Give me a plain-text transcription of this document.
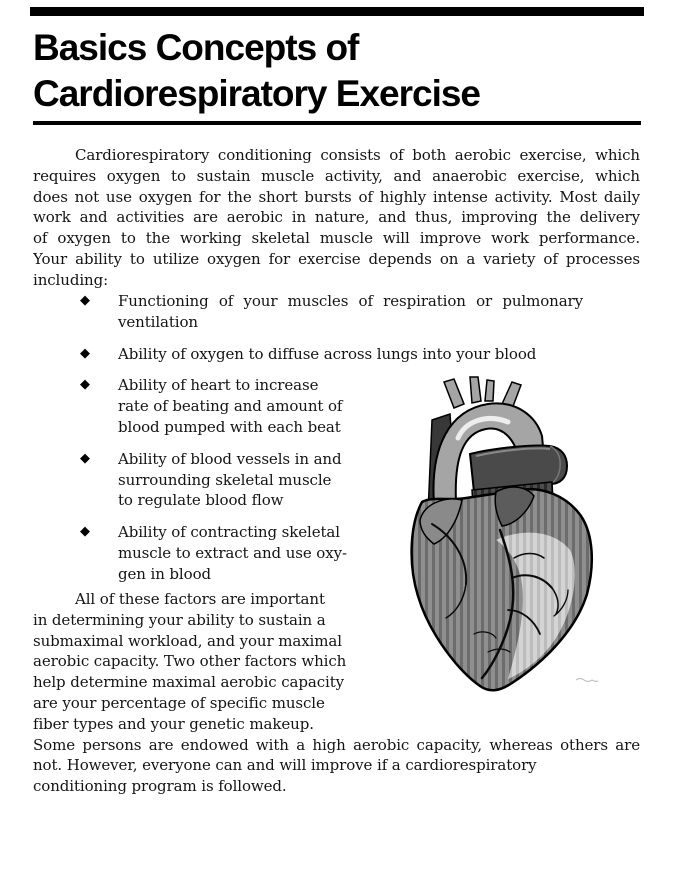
Basics Concepts of
Cardiorespiratory Exercise
Cardiorespiratory conditioning consists of both aerobic exercise, which
requires oxygen to sustain muscle activity, and anaerobic exercise, which
does not use oxygen for the short bursts of highly intense activity. Most daily
work and activities are aerobic in nature, and thus, improving the delivery
of oxygen to the working skeletal muscle will improve work performance.
Your ability to utilize oxygen for exercise depends on a variety of processes
including:
◆	Functioning of your muscles of respiration or pulmonary
ventilation
◆	Ability of oxygen to diffuse across lungs into your blood
◆	Ability of heart to increase
rate of beating and amount of
blood pumped with each beat
◆	Ability of blood vessels in and
surrounding skeletal muscle
to regulate blood flow
◆	Ability of contracting skeletal
muscle to extract and use oxy-
gen in blood
All of these factors are important
in determining your ability to sustain a
submaximal workload, and your maximal
aerobic capacity. Two other factors which
help determine maximal aerobic capacity
are your percentage of specific muscle
fiber types and your genetic makeup.
Some persons are endowed with a high aerobic capacity, whereas others are
not. However, everyone can and will improve if a cardiorespiratory
conditioning program is followed.
